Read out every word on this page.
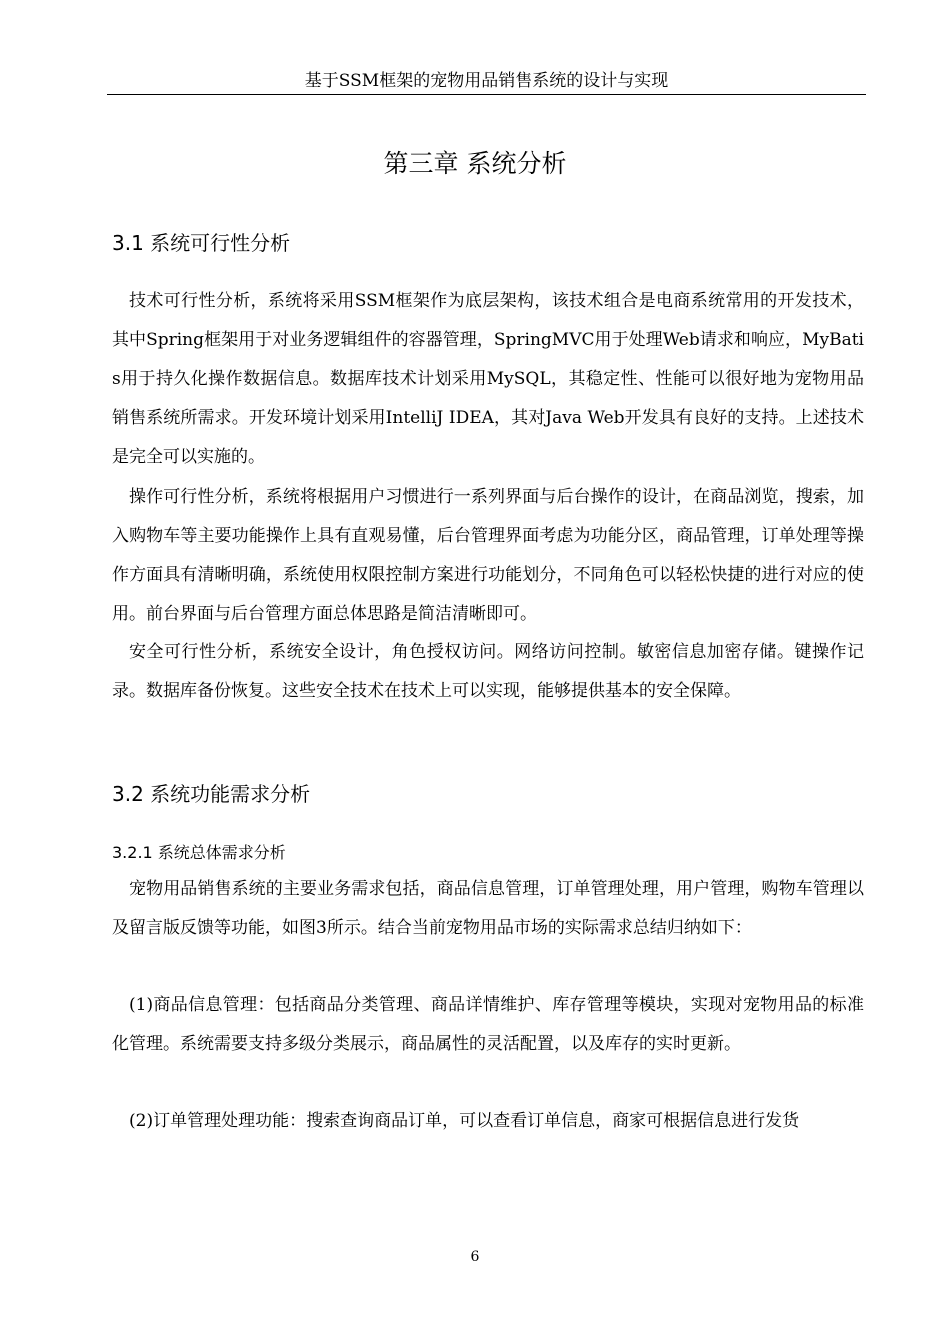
基于SSM框架的宠物用品销售系统的设计与实现
第三章 系统分析
3.1 系统可行性分析

技术可行性分析，系统将采用SSM框架作为底层架构，该技术组合是电商系统常用的开发技术，其中Spring框架用于对业务逻辑组件的容器管理，SpringMVC用于处理Web请求和响应，MyBatis用于持久化操作数据信息。数据库技术计划采用MySQL，其稳定性、性能可以很好地为宠物用品销售系统所需求。开发环境计划采用IntelliJ IDEA，其对Java Web开发具有良好的支持。上述技术是完全可以实施的。

操作可行性分析，系统将根据用户习惯进行一系列界面与后台操作的设计，在商品浏览，搜索，加入购物车等主要功能操作上具有直观易懂，后台管理界面考虑为功能分区，商品管理，订单处理等操作方面具有清晰明确，系统使用权限控制方案进行功能划分，不同角色可以轻松快捷的进行对应的使用。前台界面与后台管理方面总体思路是简洁清晰即可。

安全可行性分析，系统安全设计，角色授权访问。网络访问控制。敏密信息加密存储。键操作记录。数据库备份恢复。这些安全技术在技术上可以实现，能够提供基本的安全保障。

3.2 系统功能需求分析
3.2.1 系统总体需求分析

宠物用品销售系统的主要业务需求包括，商品信息管理，订单管理处理，用户管理，购物车管理以及留言版反馈等功能，如图3所示。结合当前宠物用品市场的实际需求总结归纳如下：

(1)商品信息管理：包括商品分类管理、商品详情维护、库存管理等模块，实现对宠物用品的标准化管理。系统需要支持多级分类展示，商品属性的灵活配置，以及库存的实时更新。

(2)订单管理处理功能：搜索查询商品订单，可以查看订单信息，商家可根据信息进行发货

6
